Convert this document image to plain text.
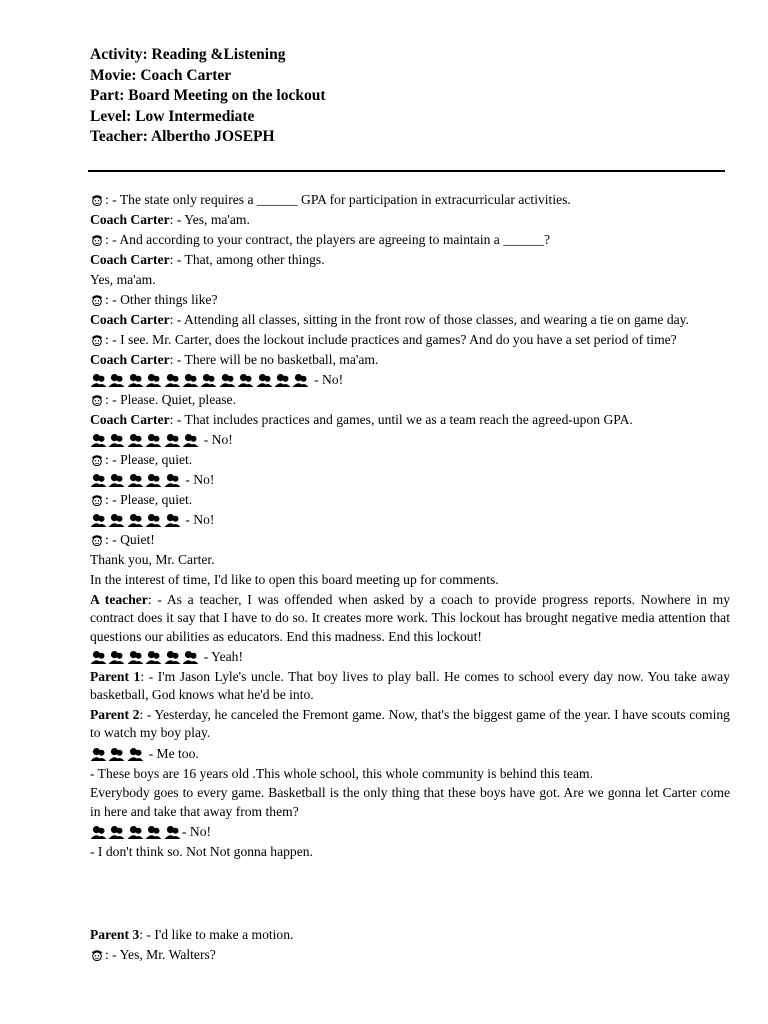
Activity: Reading &Listening
Movie: Coach Carter
Part: Board Meeting on the lockout
Level: Low Intermediate
Teacher: Albertho JOSEPH
: - The state only requires a ______ GPA for participation in extracurricular activities.
Coach Carter: - Yes, ma'am.
: - And according to your contract, the players are agreeing to maintain a ______?
Coach Carter: - That, among other things.
Yes, ma'am.
: - Other things like?
Coach Carter: - Attending all classes, sitting in the front row of those classes, and wearing a tie on game day.
: - I see. Mr. Carter, does the lockout include practices and games? And do you have a set period of time?
Coach Carter: - There will be no basketball, ma'am.
- No!
: - Please. Quiet, please.
Coach Carter: - That includes practices and games, until we as a team reach the agreed-upon GPA.
- No!
: - Please, quiet.
- No!
: - Please, quiet.
- No!
: - Quiet!
Thank you, Mr. Carter.
In the interest of time, I'd like to open this board meeting up for comments.
A teacher: - As a teacher, I was offended when asked by a coach to provide progress reports. Nowhere in my contract does it say that I have to do so. It creates more work. This lockout has brought negative media attention that questions our abilities as educators. End this madness. End this lockout!
- Yeah!
Parent 1: - I'm Jason Lyle's uncle. That boy lives to play ball. He comes to school every day now. You take away basketball, God knows what he'd be into.
Parent 2: - Yesterday, he canceled the Fremont game. Now, that's the biggest game of the year. I have scouts coming to watch my boy play.
- Me too.
- These boys are 16 years old .This whole school, this whole community is behind this team.
Everybody goes to every game. Basketball is the only thing that these boys have got. Are we gonna let Carter come in here and take that away from them?
- No!
- I don't think so. Not Not gonna happen.
Parent 3: - I'd like to make a motion.
: - Yes, Mr. Walters?
